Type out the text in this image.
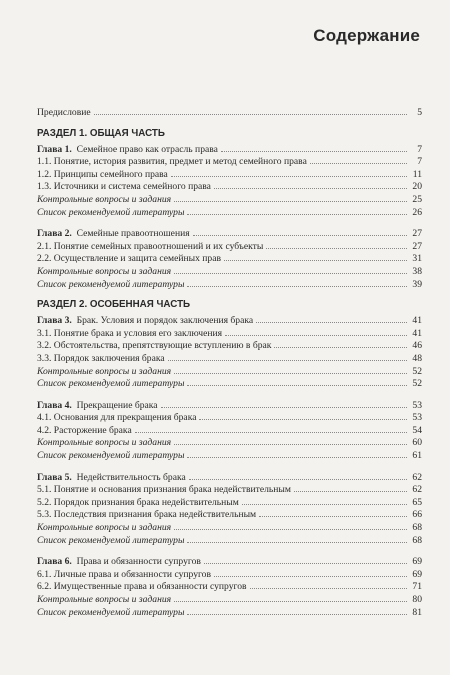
Содержание
Предисловие	5
РАЗДЕЛ 1. ОБЩАЯ ЧАСТЬ
Глава 1. Семейное право как отрасль права	7
1.1. Понятие, история развития, предмет и метод семейного права	7
1.2. Принципы семейного права	11
1.3. Источники и система семейного права	20
Контрольные вопросы и задания	25
Список рекомендуемой литературы	26
Глава 2. Семейные правоотношения	27
2.1. Понятие семейных правоотношений и их субъекты	27
2.2. Осуществление и защита семейных прав	31
Контрольные вопросы и задания	38
Список рекомендуемой литературы	39
РАЗДЕЛ 2. ОСОБЕННАЯ ЧАСТЬ
Глава 3. Брак. Условия и порядок заключения брака	41
3.1. Понятие брака и условия его заключения	41
3.2. Обстоятельства, препятствующие вступлению в брак	46
3.3. Порядок заключения брака	48
Контрольные вопросы и задания	52
Список рекомендуемой литературы	52
Глава 4. Прекращение брака	53
4.1. Основания для прекращения брака	53
4.2. Расторжение брака	54
Контрольные вопросы и задания	60
Список рекомендуемой литературы	61
Глава 5. Недействительность брака	62
5.1. Понятие и основания признания брака недействительным	62
5.2. Порядок признания брака недействительным	65
5.3. Последствия признания брака недействительным	66
Контрольные вопросы и задания	68
Список рекомендуемой литературы	68
Глава 6. Права и обязанности супругов	69
6.1. Личные права и обязанности супругов	69
6.2. Имущественные права и обязанности супругов	71
Контрольные вопросы и задания	80
Список рекомендуемой литературы	81
